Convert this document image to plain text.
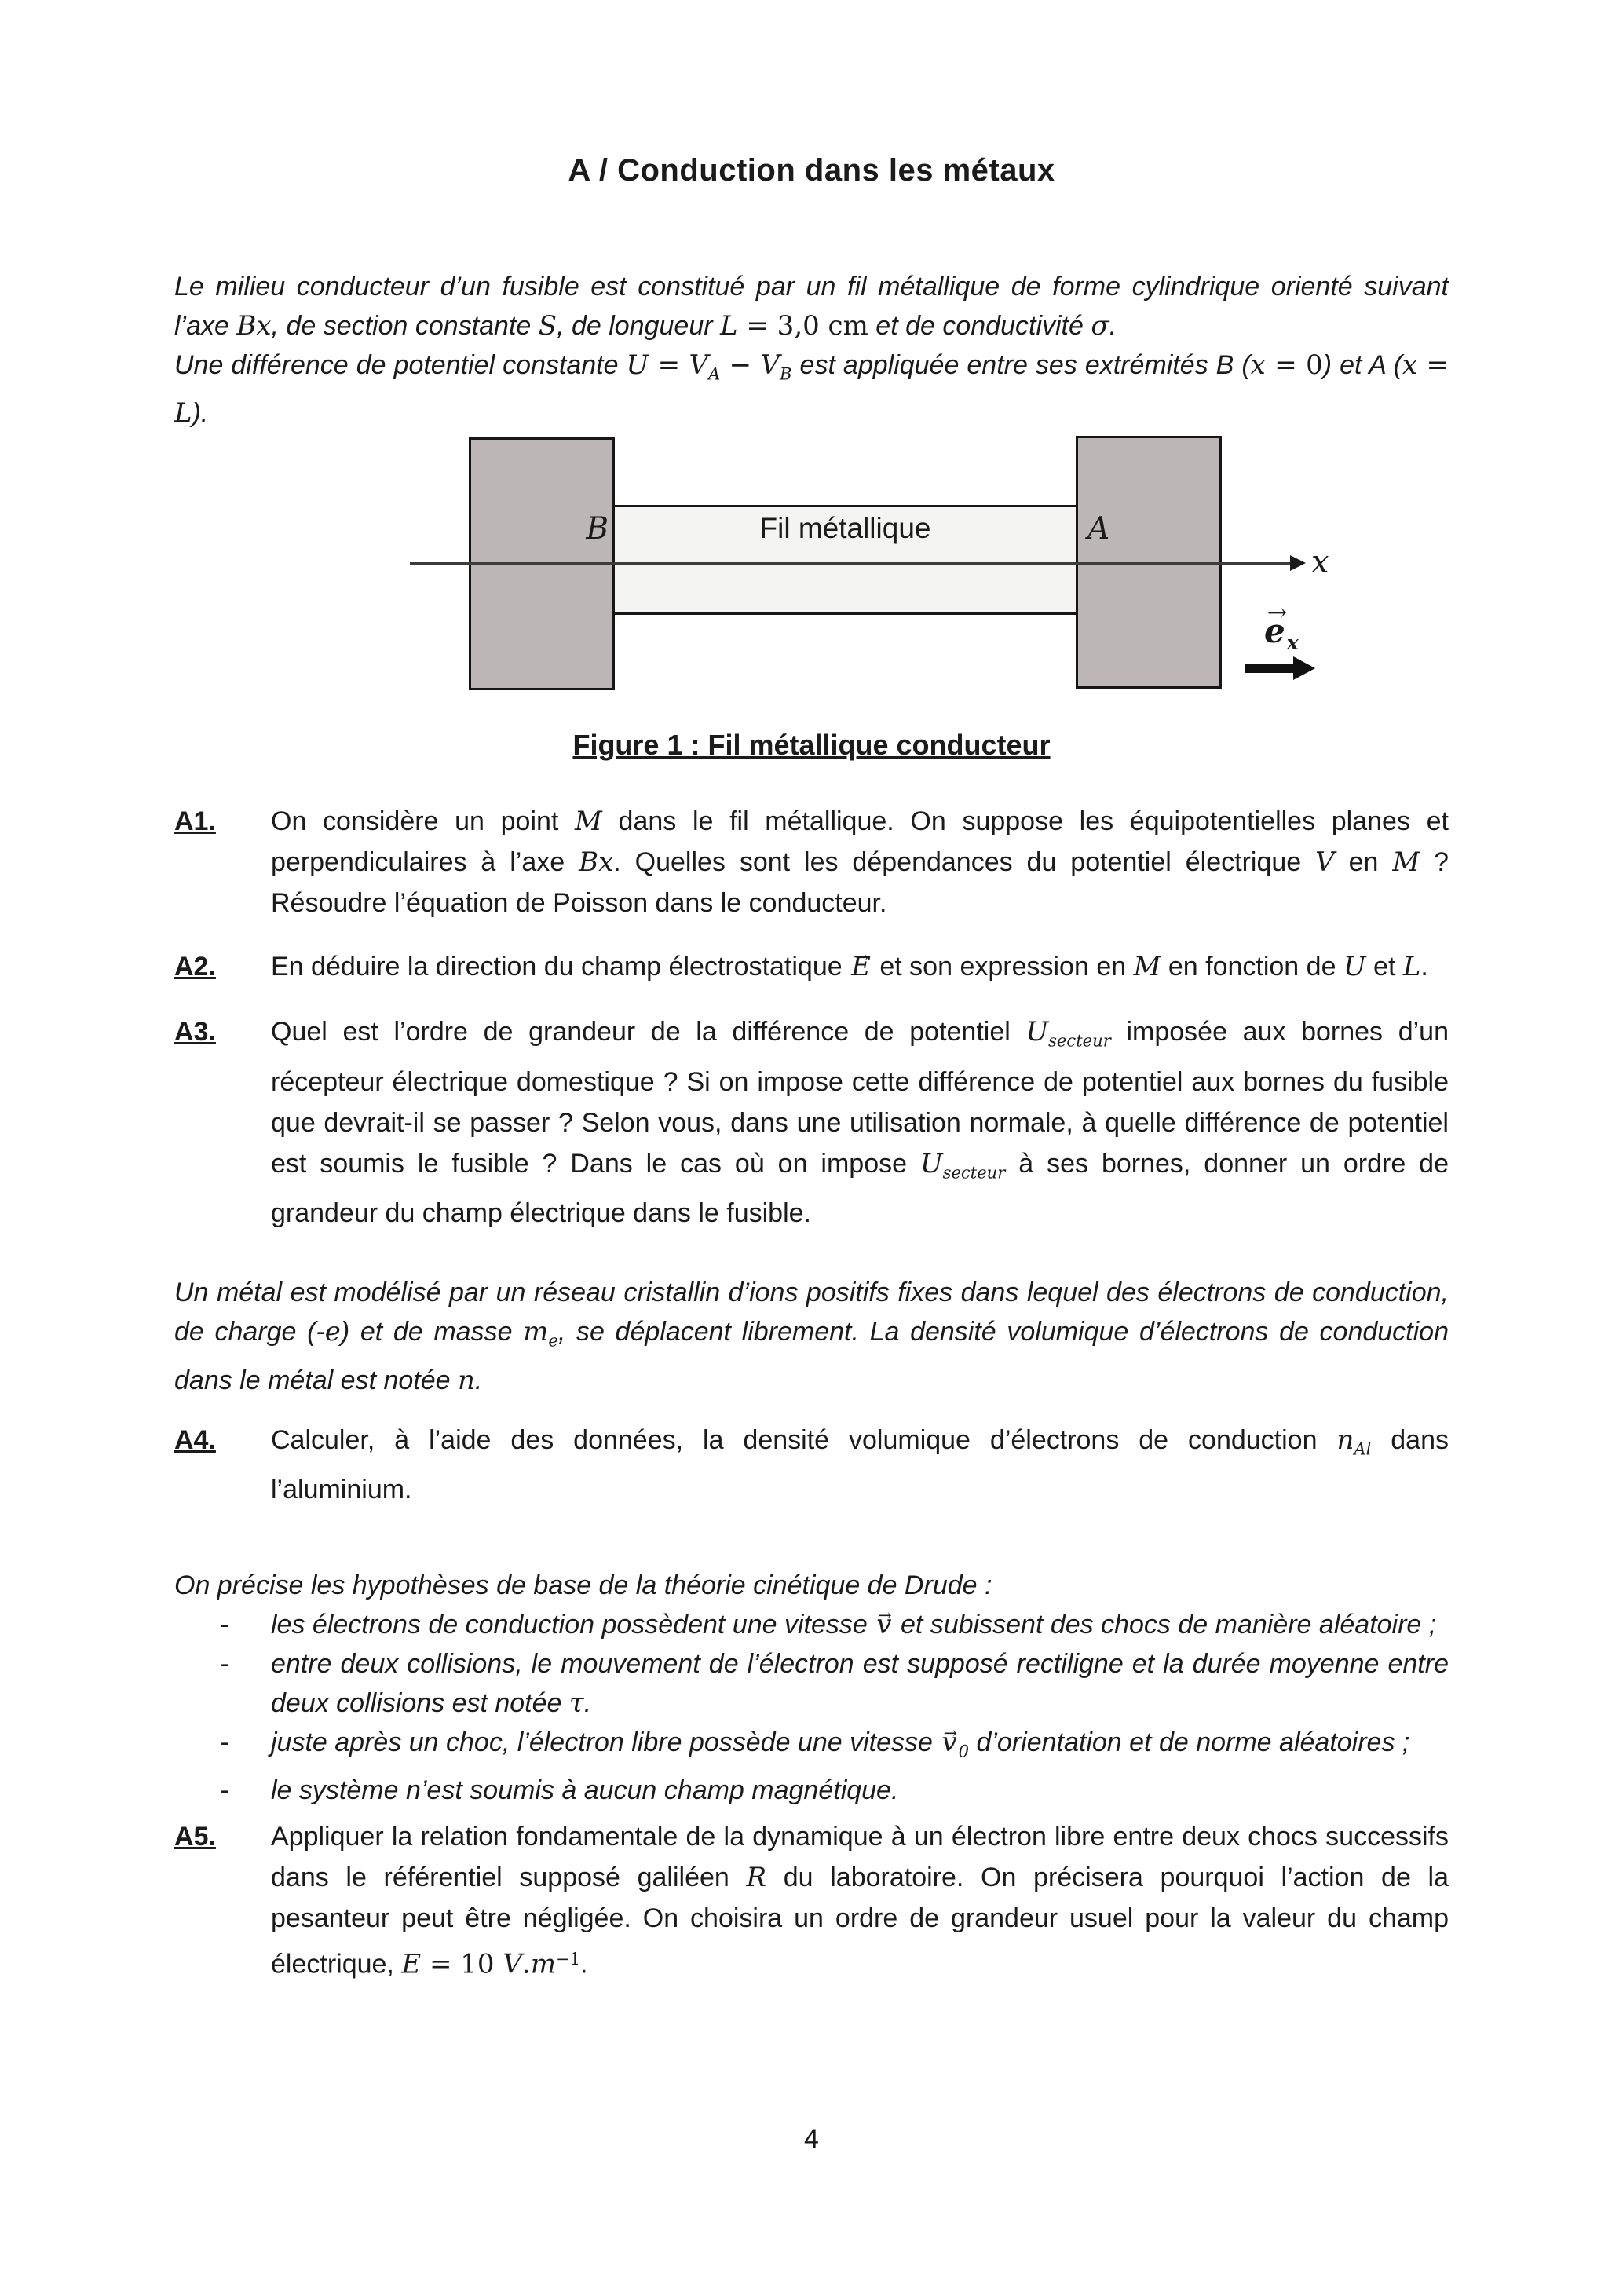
A / Conduction dans les métaux

Le milieu conducteur d’un fusible est constitué par un fil métallique de forme cylindrique orienté suivant l’axe Bx, de section constante S, de longueur L = 3,0 cm et de conductivité σ.

Une différence de potentiel constante $U = V_A - V_B$ est appliquée entre ses extrémités B (x = 0) et A (x = L).

Fil métallique
B	A
x
$e \to_x$
Figure 1 : Fil métallique conducteur
A1.	On considère un point M dans le fil métallique. On suppose les équipotentielles planes et perpendiculaires à l’axe Bx. Quelles sont les dépendances du potentiel électrique V en M ? Résoudre l’équation de Poisson dans le conducteur.
A2.	En déduire la direction du champ électrostatique E → et son expression en M en fonction de U et L.
A3.	Quel est l’ordre de grandeur de la différence de potentiel $U_{secteur}$ imposée aux bornes d’un récepteur électrique domestique ? Si on impose cette différence de potentiel aux bornes du fusible que devrait-il se passer ? Selon vous, dans une utilisation normale, à quelle différence de potentiel est soumis le fusible ? Dans le cas où on impose $U_{secteur}$ à ses bornes, donner un ordre de grandeur du champ électrique dans le fusible.

Un métal est modélisé par un réseau cristallin d’ions positifs fixes dans lequel des électrons de conduction, de charge (-e) et de masse $m_e$, se déplacent librement. La densité volumique d’électrons de conduction dans le métal est notée n.

A4.	Calculer, à l’aide des données, la densité volumique d’électrons de conduction $n_{Al}$ dans l’aluminium.

On précise les hypothèses de base de la théorie cinétique de Drude :

-	les électrons de conduction possèdent une vitesse v → et subissent des chocs de manière aléatoire ;
-	entre deux collisions, le mouvement de l’électron est supposé rectiligne et la durée moyenne entre deux collisions est notée τ.
-	juste après un choc, l’électron libre possède une vitesse $v \to_0$ d’orientation et de norme aléatoires ;
-	le système n’est soumis à aucun champ magnétique.
A5.	Appliquer la relation fondamentale de la dynamique à un électron libre entre deux chocs successifs dans le référentiel supposé galiléen R du laboratoire. On précisera pourquoi l’action de la pesanteur peut être négligée. On choisira un ordre de grandeur usuel pour la valeur du champ électrique, E = 10 $V.m^{-1}$.
4
